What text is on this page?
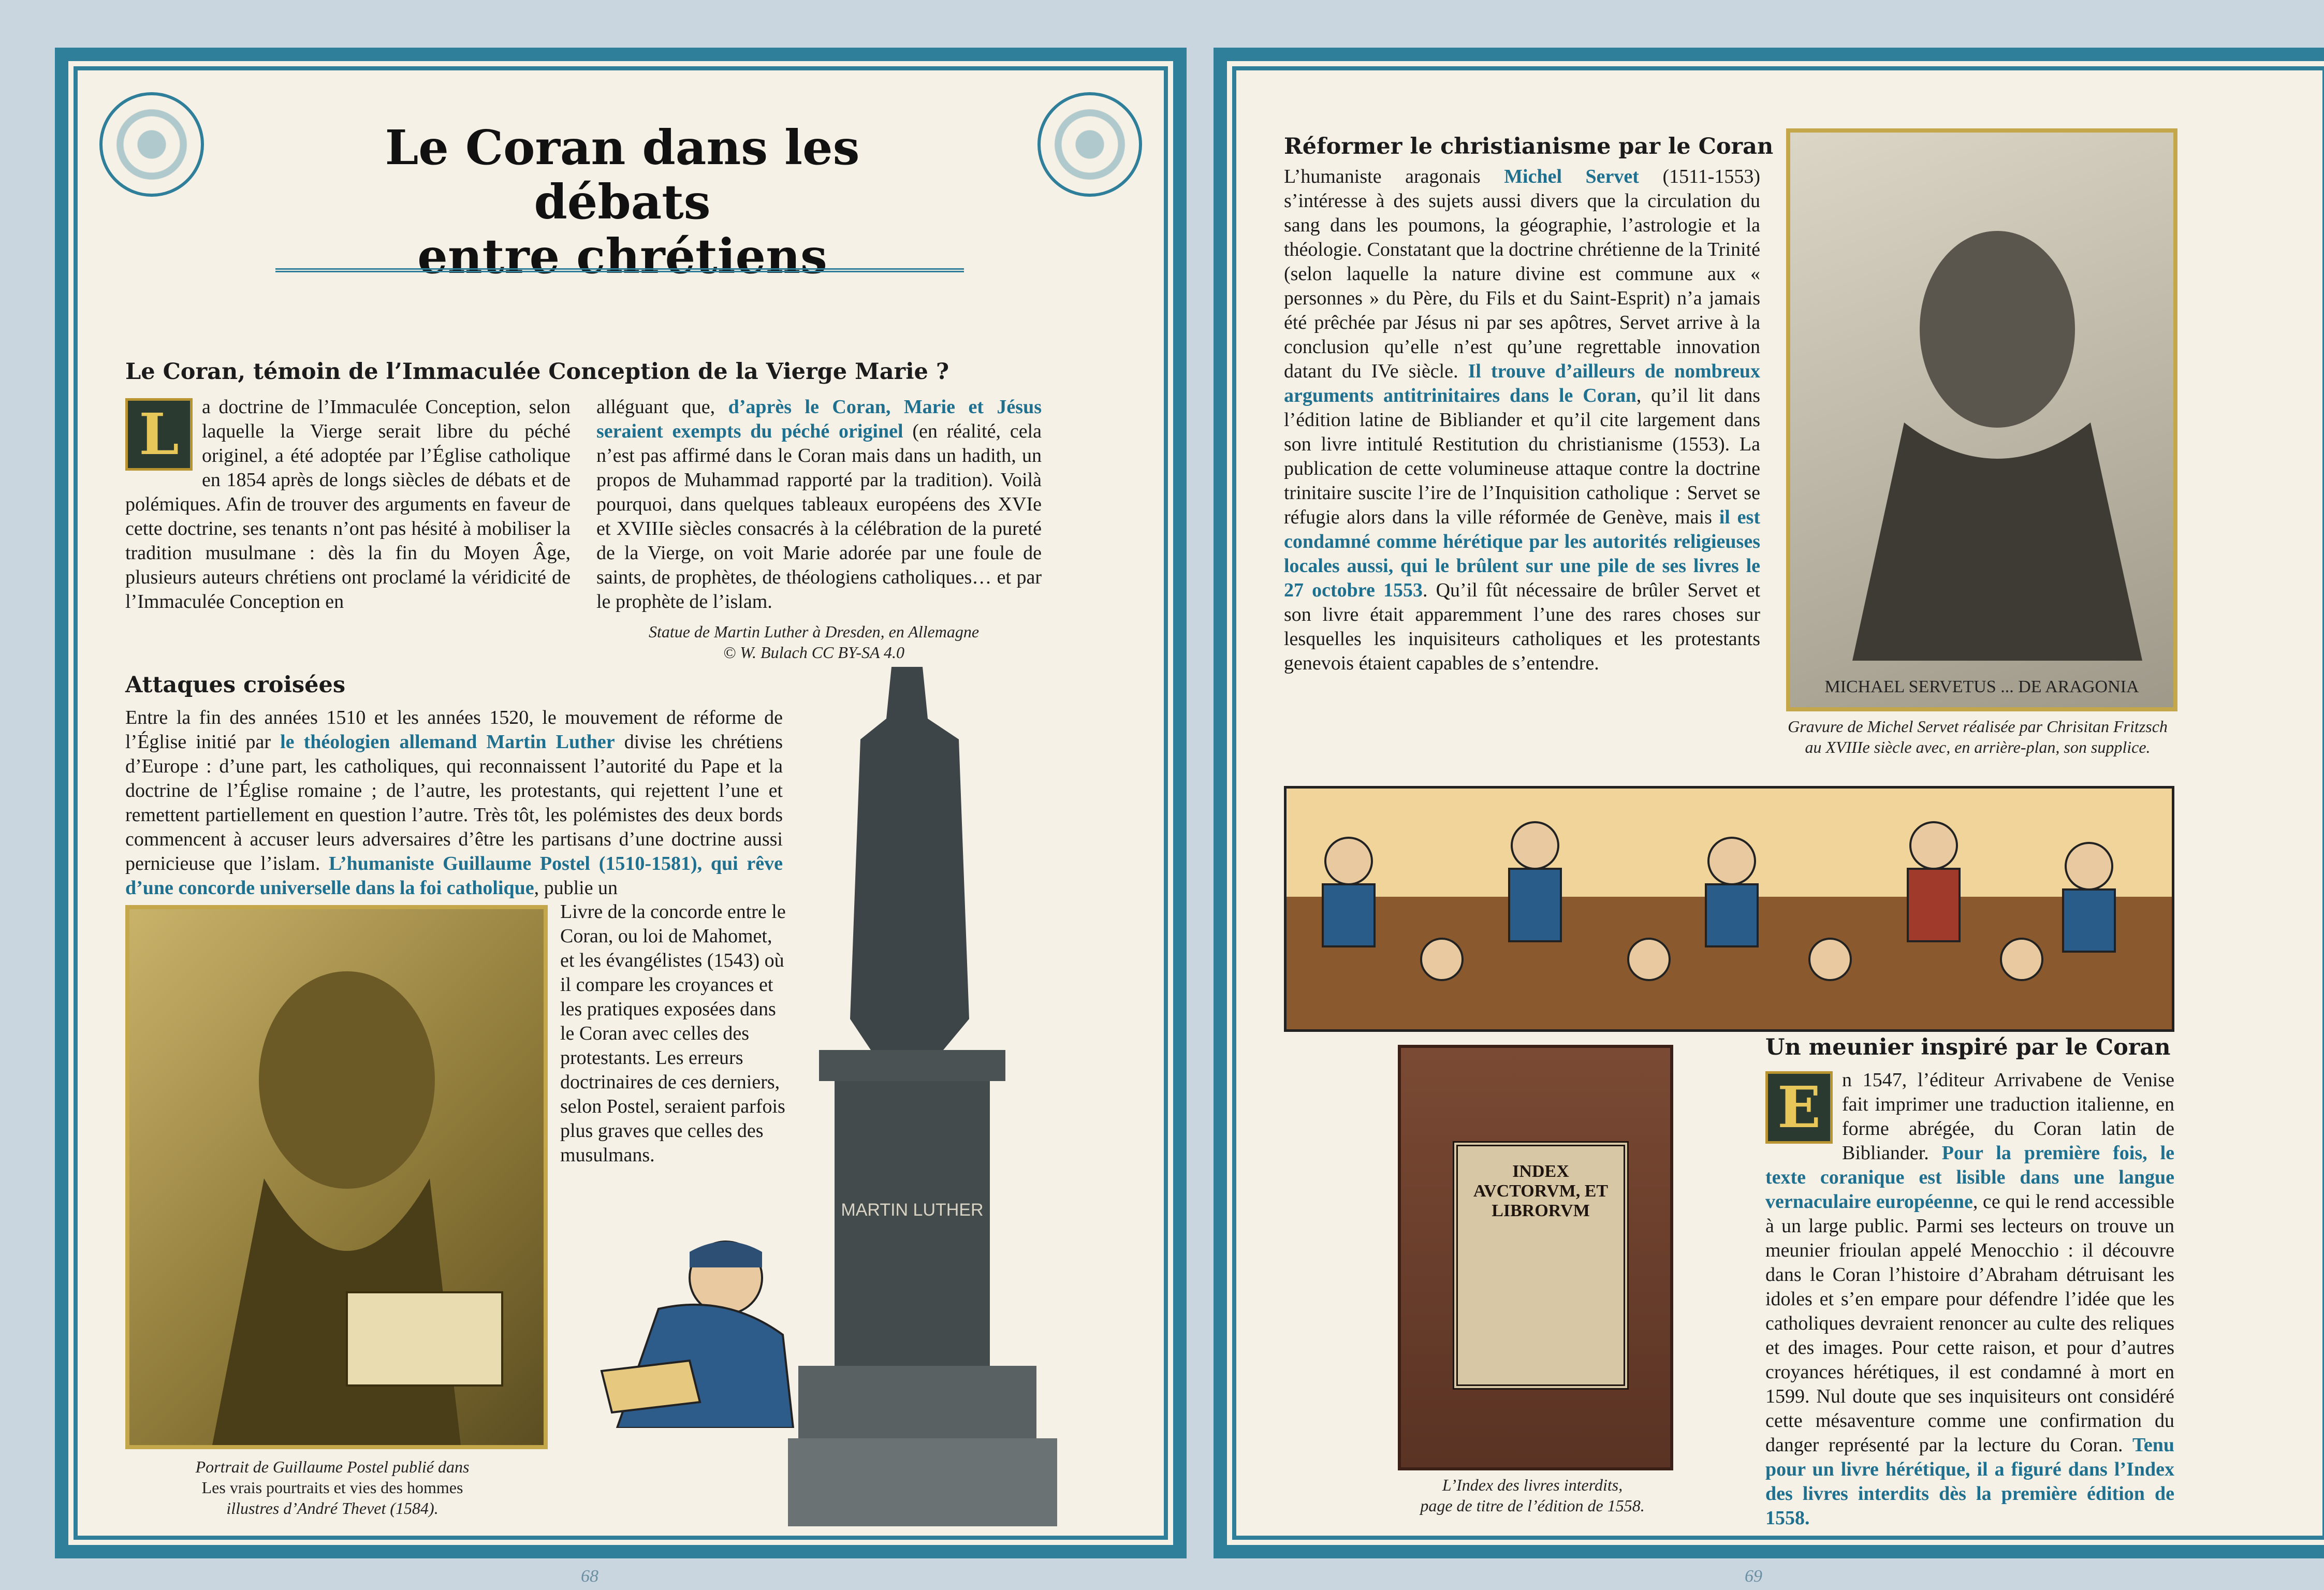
Le Coran dans les débats
entre chrétiens
Le Coran, témoin de l’Immaculée Conception de la Vierge Marie ?
L	a doctrine de l’Immaculée Conception, selon laquelle la Vierge serait libre du péché originel, a été adoptée par l’Église catholique en 1854 après de longs siècles de débats et de polémiques. Afin de trouver des arguments en faveur de cette doctrine, ses tenants n’ont pas hésité à mobiliser la tradition musulmane : dès la fin du Moyen Âge, plusieurs auteurs chrétiens ont proclamé la véridicité de l’Immaculée Conception en
alléguant que, d’après le Coran, Marie et Jésus seraient exempts du péché originel (en réalité, cela n’est pas affirmé dans le Coran mais dans un hadith, un propos de Muhammad rapporté par la tradition). Voilà pourquoi, dans quelques tableaux européens des XVIe et XVIIIe siècles consacrés à la célébration de la pureté de la Vierge, on voit Marie adorée par une foule de saints, de prophètes, de théologiens catholiques… et par le prophète de l’islam.
Statue de Martin Luther à Dresden, en Allemagne
© W. Bulach CC BY-SA 4.0
Attaques croisées
Entre la fin des années 1510 et les années 1520, le mouvement de réforme de l’Église initié par le théologien allemand Martin Luther divise les chrétiens d’Europe : d’une part, les catholiques, qui reconnaissent l’autorité du Pape et la doctrine de l’Église romaine ; de l’autre, les protestants, qui rejettent l’une et remettent partiellement en question l’autre. Très tôt, les polémistes des deux bords commencent à accuser leurs adversaires d’être les partisans d’une doctrine aussi pernicieuse que l’islam. L’humaniste Guillaume Postel (1510-1581), qui rêve d’une concorde universelle dans la foi catholique, publie un
Livre de la concorde entre le Coran, ou loi de Mahomet, et les évangélistes (1543) où il compare les croyances et les pratiques exposées dans le Coran avec celles des protestants. Les erreurs doctrinaires de ces derniers, selon Postel, seraient parfois plus graves que celles des musulmans.
Portrait de Guillaume Postel publié dans
Les vrais pourtraits et vies des hommes
illustres d’André Thevet (1584).
MARTIN LUTHER
68
Réformer le christianisme par le Coran
L’humaniste aragonais Michel Servet (1511-1553) s’intéresse à des sujets aussi divers que la circulation du sang dans les poumons, la géographie, l’astrologie et la théologie. Constatant que la doctrine chrétienne de la Trinité (selon laquelle la nature divine est commune aux « personnes » du Père, du Fils et du Saint-Esprit) n’a jamais été prêchée par Jésus ni par ses apôtres, Servet arrive à la conclusion qu’elle n’est qu’une regrettable innovation datant du IVe siècle. Il trouve d’ailleurs de nombreux arguments antitrinitaires dans le Coran, qu’il lit dans l’édition latine de Bibliander et qu’il cite largement dans son livre intitulé Restitution du christianisme (1553). La publication de cette volumineuse attaque contre la doctrine trinitaire suscite l’ire de l’Inquisition catholique : Servet se réfugie alors dans la ville réformée de Genève, mais il est condamné comme hérétique par les autorités religieuses locales aussi, qui le brûlent sur une pile de ses livres le 27 octobre 1553. Qu’il fût nécessaire de brûler Servet et son livre était apparemment l’une des rares choses sur lesquelles les inquisiteurs catholiques et les protestants genevois étaient capables de s’entendre.
MICHAEL SERVETUS ... DE ARAGONIA
Gravure de Michel Servet réalisée par Chrisitan Fritzsch
au XVIIIe siècle avec, en arrière-plan, son supplice.
INDEX AVCTORVM, ET LIBRORVM
L’Index des livres interdits,
page de titre de l’édition de 1558.
Un meunier inspiré par le Coran
E	n 1547, l’éditeur Arrivabene de Venise fait imprimer une traduction italienne, en forme abrégée, du Coran latin de Bibliander. Pour la première fois, le texte coranique est lisible dans une langue vernaculaire européenne, ce qui le rend accessible à un large public. Parmi ses lecteurs on trouve un meunier frioulan appelé Menocchio : il découvre dans le Coran l’histoire d’Abraham détruisant les idoles et s’en empare pour défendre l’idée que les catholiques devraient renoncer au culte des reliques et des images. Pour cette raison, et pour d’autres croyances hérétiques, il est condamné à mort en 1599. Nul doute que ses inquisiteurs ont considéré cette mésaventure comme une confirmation du danger représenté par la lecture du Coran. Tenu pour un livre hérétique, il a figuré dans l’Index des livres interdits dès la première édition de 1558.
69
